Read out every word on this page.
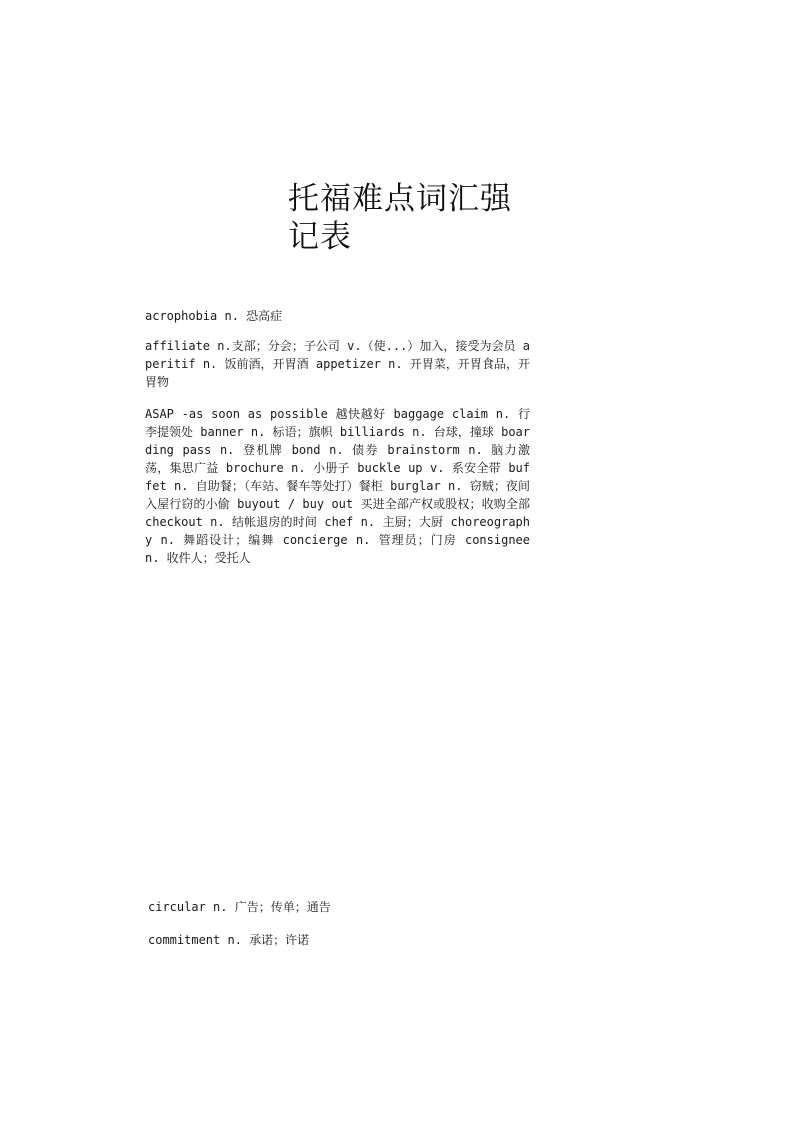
托福难点词汇强记表

acrophobia n. 恐高症

affiliate n.支部；分会；子公司 v.（使...）加入，接受为会员 aperitif n. 饭前酒，开胃酒 appetizer n. 开胃菜，开胃食品，开胃物

ASAP -as soon as possible 越快越好 baggage claim n. 行李提领处 banner n. 标语；旗帜 billiards n. 台球，撞球 boarding pass n. 登机牌 bond n. 债券 brainstorm n. 脑力激荡，集思广益 brochure n. 小册子 buckle up v. 系安全带 buffet n. 自助餐；（车站、餐车等处打）餐柜 burglar n. 窃贼；夜间入屋行窃的小偷 buyout / buy out 买进全部产权或股权；收购全部 checkout n. 结帐退房的时间 chef n. 主厨；大厨 choreography n. 舞蹈设计；编舞 concierge n. 管理员；门房 consignee n. 收件人；受托人

circular n. 广告；传单；通告

commitment n. 承诺；许诺
